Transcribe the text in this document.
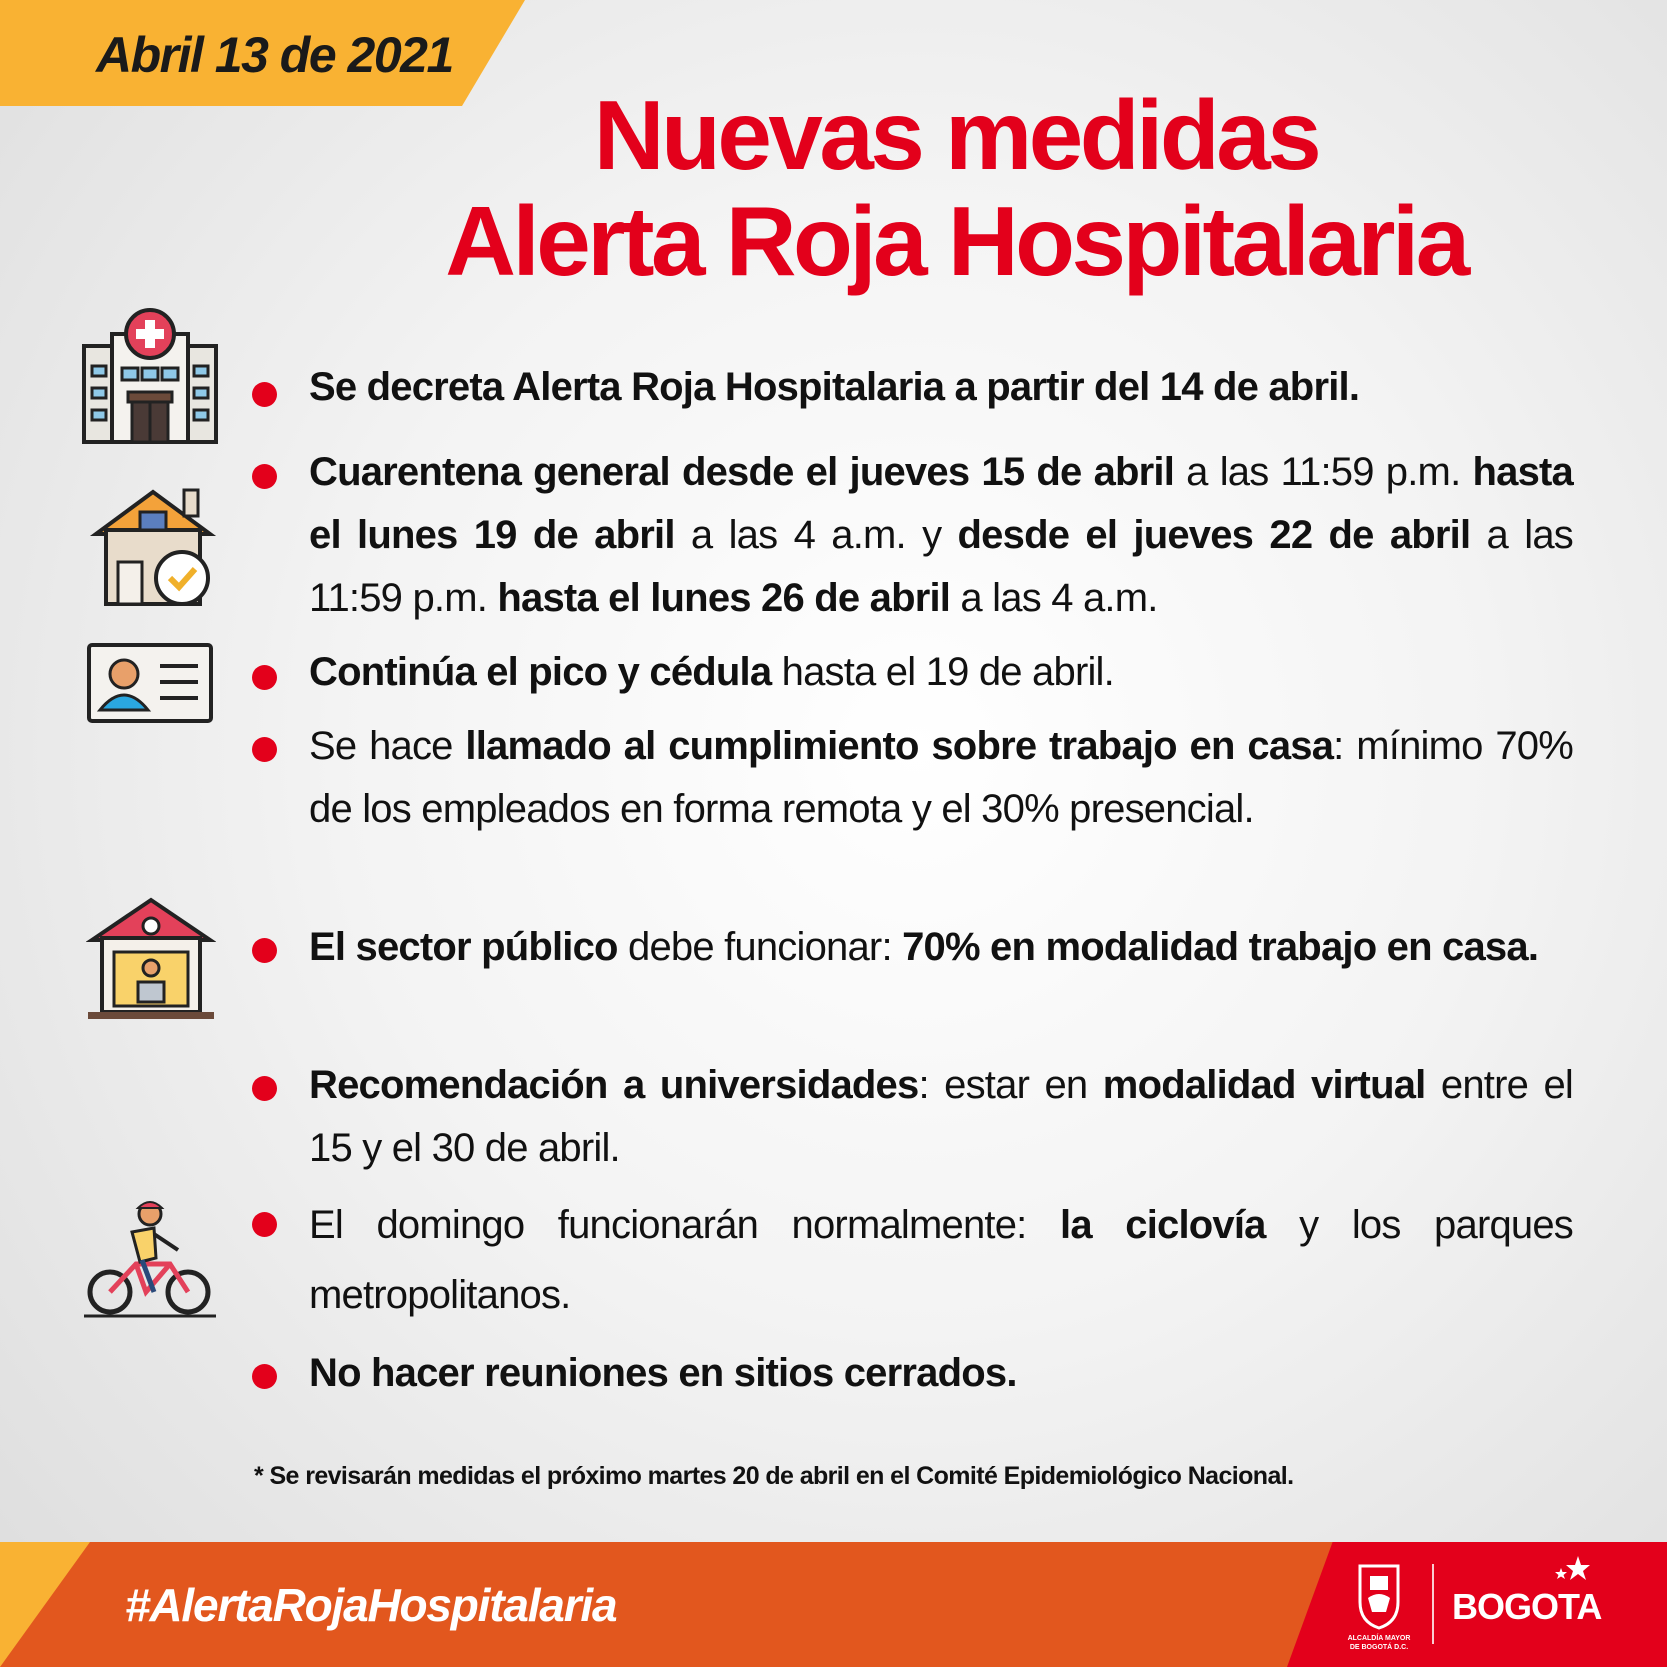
Abril 13 de 2021
Nuevas medidas
Alerta Roja Hospitalaria
Se decreta Alerta Roja Hospitalaria a partir del 14 de abril.
Cuarentena general desde el jueves 15 de abril a las 11:59 p.m. hasta el lunes 19 de abril a las 4 a.m. y desde el jueves 22 de abril a las 11:59 p.m. hasta el lunes 26 de abril a las 4 a.m.
Continúa el pico y cédula hasta el 19 de abril.
Se hace llamado al cumplimiento sobre trabajo en casa: mínimo 70% de los empleados en forma remota y el 30% presencial.
El sector público debe funcionar: 70% en modalidad trabajo en casa.
Recomendación a universidades: estar en modalidad virtual entre el 15 y el 30 de abril.
El domingo funcionarán normalmente: la ciclovía y los parques metropolitanos.
No hacer reuniones en sitios cerrados.
* Se revisarán medidas el próximo martes 20 de abril en el Comité Epidemiológico Nacional.
#AlertaRojaHospitalaria
ALCALDÍA MAYOR
DE BOGOTÁ D.C.
BOGOTA
